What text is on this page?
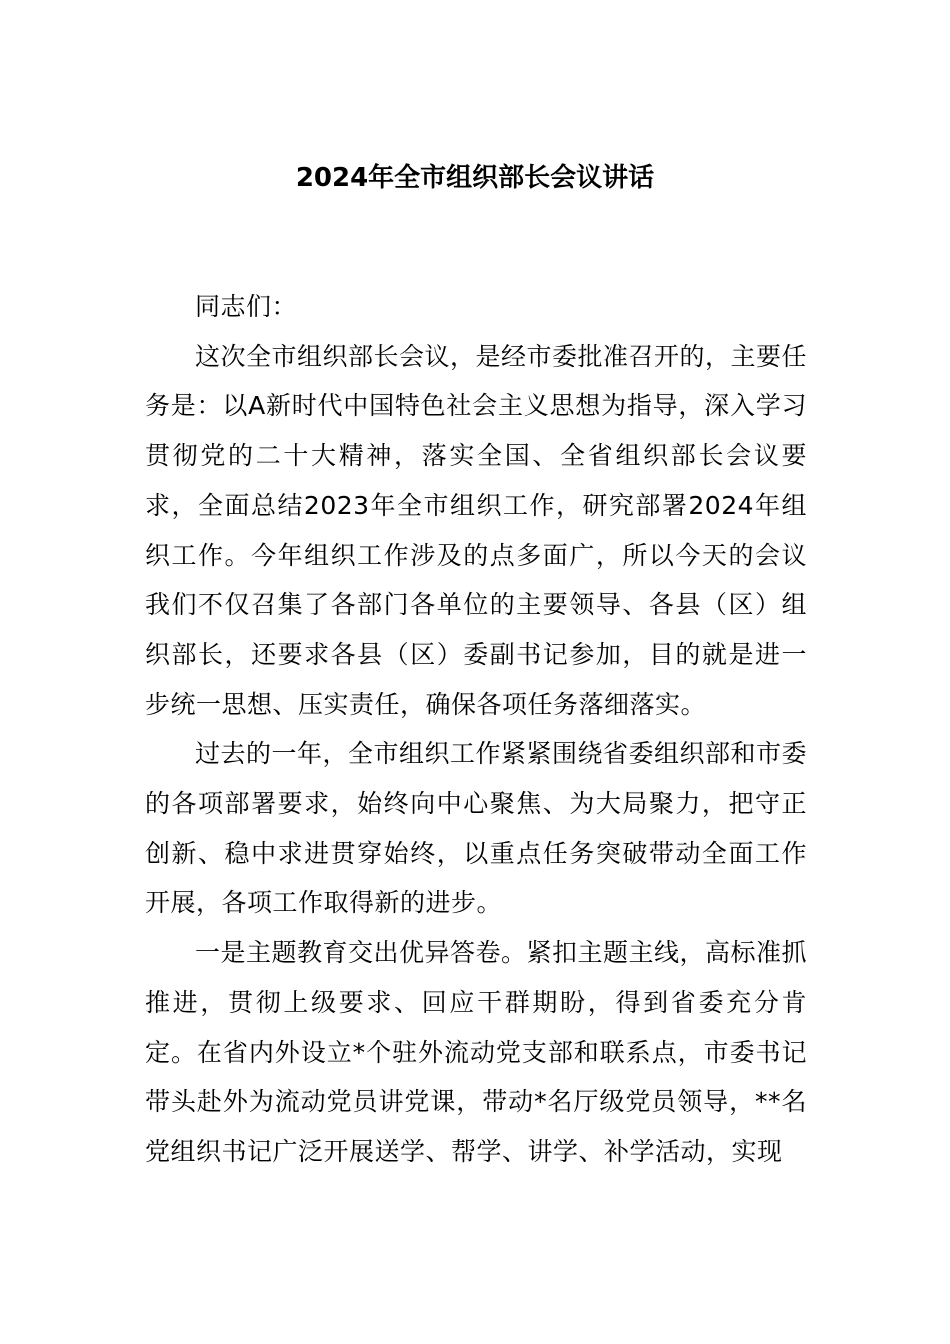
2024年全市组织部长会议讲话

同志们：

这次全市组织部长会议，是经市委批准召开的，主要任务是：以A新时代中国特色社会主义思想为指导，深入学习贯彻党的二十大精神，落实全国、全省组织部长会议要求，全面总结2023年全市组织工作，研究部署2024年组织工作。今年组织工作涉及的点多面广，所以今天的会议我们不仅召集了各部门各单位的主要领导、各县（区）组织部长，还要求各县（区）委副书记参加，目的就是进一步统一思想、压实责任，确保各项任务落细落实。

过去的一年，全市组织工作紧紧围绕省委组织部和市委的各项部署要求，始终向中心聚焦、为大局聚力，把守正创新、稳中求进贯穿始终，以重点任务突破带动全面工作开展，各项工作取得新的进步。

一是主题教育交出优异答卷。紧扣主题主线，高标准抓推进，贯彻上级要求、回应干群期盼，得到省委充分肯定。在省内外设立*个驻外流动党支部和联系点，市委书记带头赴外为流动党员讲党课，带动*名厅级党员领导，**名党组织书记广泛开展送学、帮学、讲学、补学活动，实现
